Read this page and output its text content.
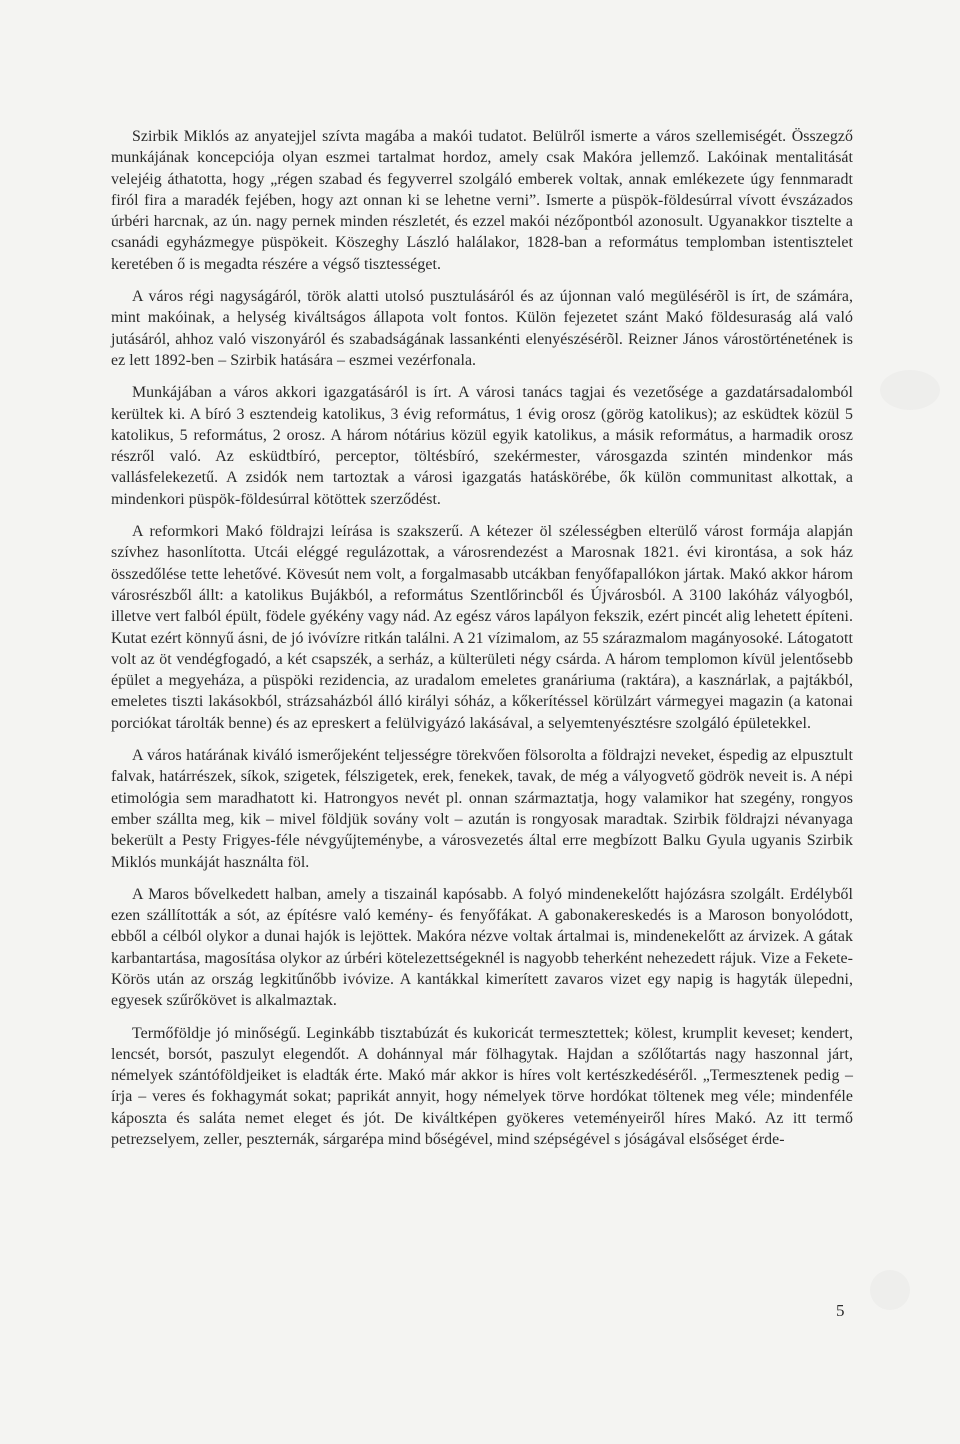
Szirbik Miklós az anyatejjel szívta magába a makói tudatot. Belülről ismerte a város szellemiségét. Összegző munkájának koncepciója olyan eszmei tartalmat hordoz, amely csak Makóra jellemző. Lakóinak mentalitását velejéig áthatotta, hogy „régen szabad és fegyverrel szolgáló emberek voltak, annak emlékezete úgy fennmaradt firól fira a maradék fejében, hogy azt onnan ki se lehetne verni”. Ismerte a püspök-földesúrral vívott évszázados úrbéri harcnak, az ún. nagy pernek minden részletét, és ezzel makói nézőpontból azonosult. Ugyanakkor tisztelte a csanádi egyházmegye püspökeit. Köszeghy László halálakor, 1828-ban a református templomban istentisztelet keretében ő is megadta részére a végső tisztességet.

A város régi nagyságáról, török alatti utolsó pusztulásáról és az újonnan való megülésérõl is írt, de számára, mint makóinak, a helység kiváltságos állapota volt fontos. Külön fejezetet szánt Makó földesuraság alá való jutásáról, ahhoz való viszonyáról és szabadságának lassankénti elenyészésérõl. Reizner János várostörténetének is ez lett 1892-ben – Szirbik hatására – eszmei vezérfonala.

Munkájában a város akkori igazgatásáról is írt. A városi tanács tagjai és vezetősége a gazdatársadalomból kerültek ki. A bíró 3 esztendeig katolikus, 3 évig református, 1 évig orosz (görög katolikus); az esküdtek közül 5 katolikus, 5 református, 2 orosz. A három nótárius közül egyik katolikus, a másik református, a harmadik orosz részről való. Az esküdtbíró, perceptor, töltésbíró, szekérmester, városgazda szintén mindenkor más vallásfelekezetű. A zsidók nem tartoztak a városi igazgatás hatáskörébe, ők külön communitast alkottak, a mindenkori püspök-földesúrral kötöttek szerződést.

A reformkori Makó földrajzi leírása is szakszerű. A kétezer öl szélességben elterülő várost formája alapján szívhez hasonlította. Utcái eléggé regulázottak, a városrendezést a Marosnak 1821. évi kirontása, a sok ház összedőlése tette lehetővé. Kövesút nem volt, a forgalmasabb utcákban fenyőfapallókon jártak. Makó akkor három városrészből állt: a katolikus Bujákból, a református Szentlőrincből és Újvárosból. A 3100 lakóház vályogból, illetve vert falból épült, födele gyékény vagy nád. Az egész város lapályon fekszik, ezért pincét alig lehetett építeni. Kutat ezért könnyű ásni, de jó ivóvízre ritkán találni. A 21 vízimalom, az 55 szárazmalom magányosoké. Látogatott volt az öt vendégfogadó, a két csapszék, a serház, a külterületi négy csárda. A három templomon kívül jelentősebb épület a megyeháza, a püspöki rezidencia, az uradalom emeletes granáriuma (raktára), a kasznárlak, a pajtákból, emeletes tiszti lakásokból, strázsaházból álló királyi sóház, a kőkerítéssel körülzárt vármegyei magazin (a katonai porciókat tárolták benne) és az epreskert a felülvigyázó lakásával, a selyemtenyésztésre szolgáló épületekkel.

A város határának kiváló ismerőjeként teljességre törekvően fölsorolta a földrajzi neveket, éspedig az elpusztult falvak, határrészek, síkok, szigetek, félszigetek, erek, fenekek, tavak, de még a vályogvető gödrök neveit is. A népi etimológia sem maradhatott ki. Hatrongyos nevét pl. onnan származtatja, hogy valamikor hat szegény, rongyos ember szállta meg, kik – mivel földjük sovány volt – azután is rongyosak maradtak. Szirbik földrajzi névanyaga bekerült a Pesty Frigyes-féle névgyűjteménybe, a városvezetés által erre megbízott Balku Gyula ugyanis Szirbik Miklós munkáját használta föl.

A Maros bővelkedett halban, amely a tiszainál kapósabb. A folyó mindenekelőtt hajózásra szolgált. Erdélyből ezen szállították a sót, az építésre való kemény- és fenyőfákat. A gabonakereskedés is a Maroson bonyolódott, ebből a célból olykor a dunai hajók is lejöttek. Makóra nézve voltak ártalmai is, mindenekelőtt az árvizek. A gátak karbantartása, magosítása olykor az úrbéri kötelezettségeknél is nagyobb teherként nehezedett rájuk. Vize a Fekete-Körös után az ország legkitűnőbb ivóvize. A kantákkal kimerített zavaros vizet egy napig is hagyták ülepedni, egyesek szűrőkövet is alkalmaztak.

Termőföldje jó minőségű. Leginkább tisztabúzát és kukoricát termesztettek; kölest, krumplit keveset; kendert, lencsét, borsót, paszulyt elegendőt. A dohánnyal már fölhagytak. Hajdan a szőlőtartás nagy haszonnal járt, némelyek szántóföldjeiket is eladták érte. Makó már akkor is híres volt kertészkedéséről. „Termesztenek pedig – írja – veres és fokhagymát sokat; paprikát annyit, hogy némelyek törve hordókat töltenek meg véle; mindenféle káposzta és saláta nemet eleget és jót. De kiváltképen gyökeres veteményeiről híres Makó. Az itt termő petrezselyem, zeller, peszternák, sárgarépa mind bőségével, mind szépségével s jóságával elsőséget érde-

5
